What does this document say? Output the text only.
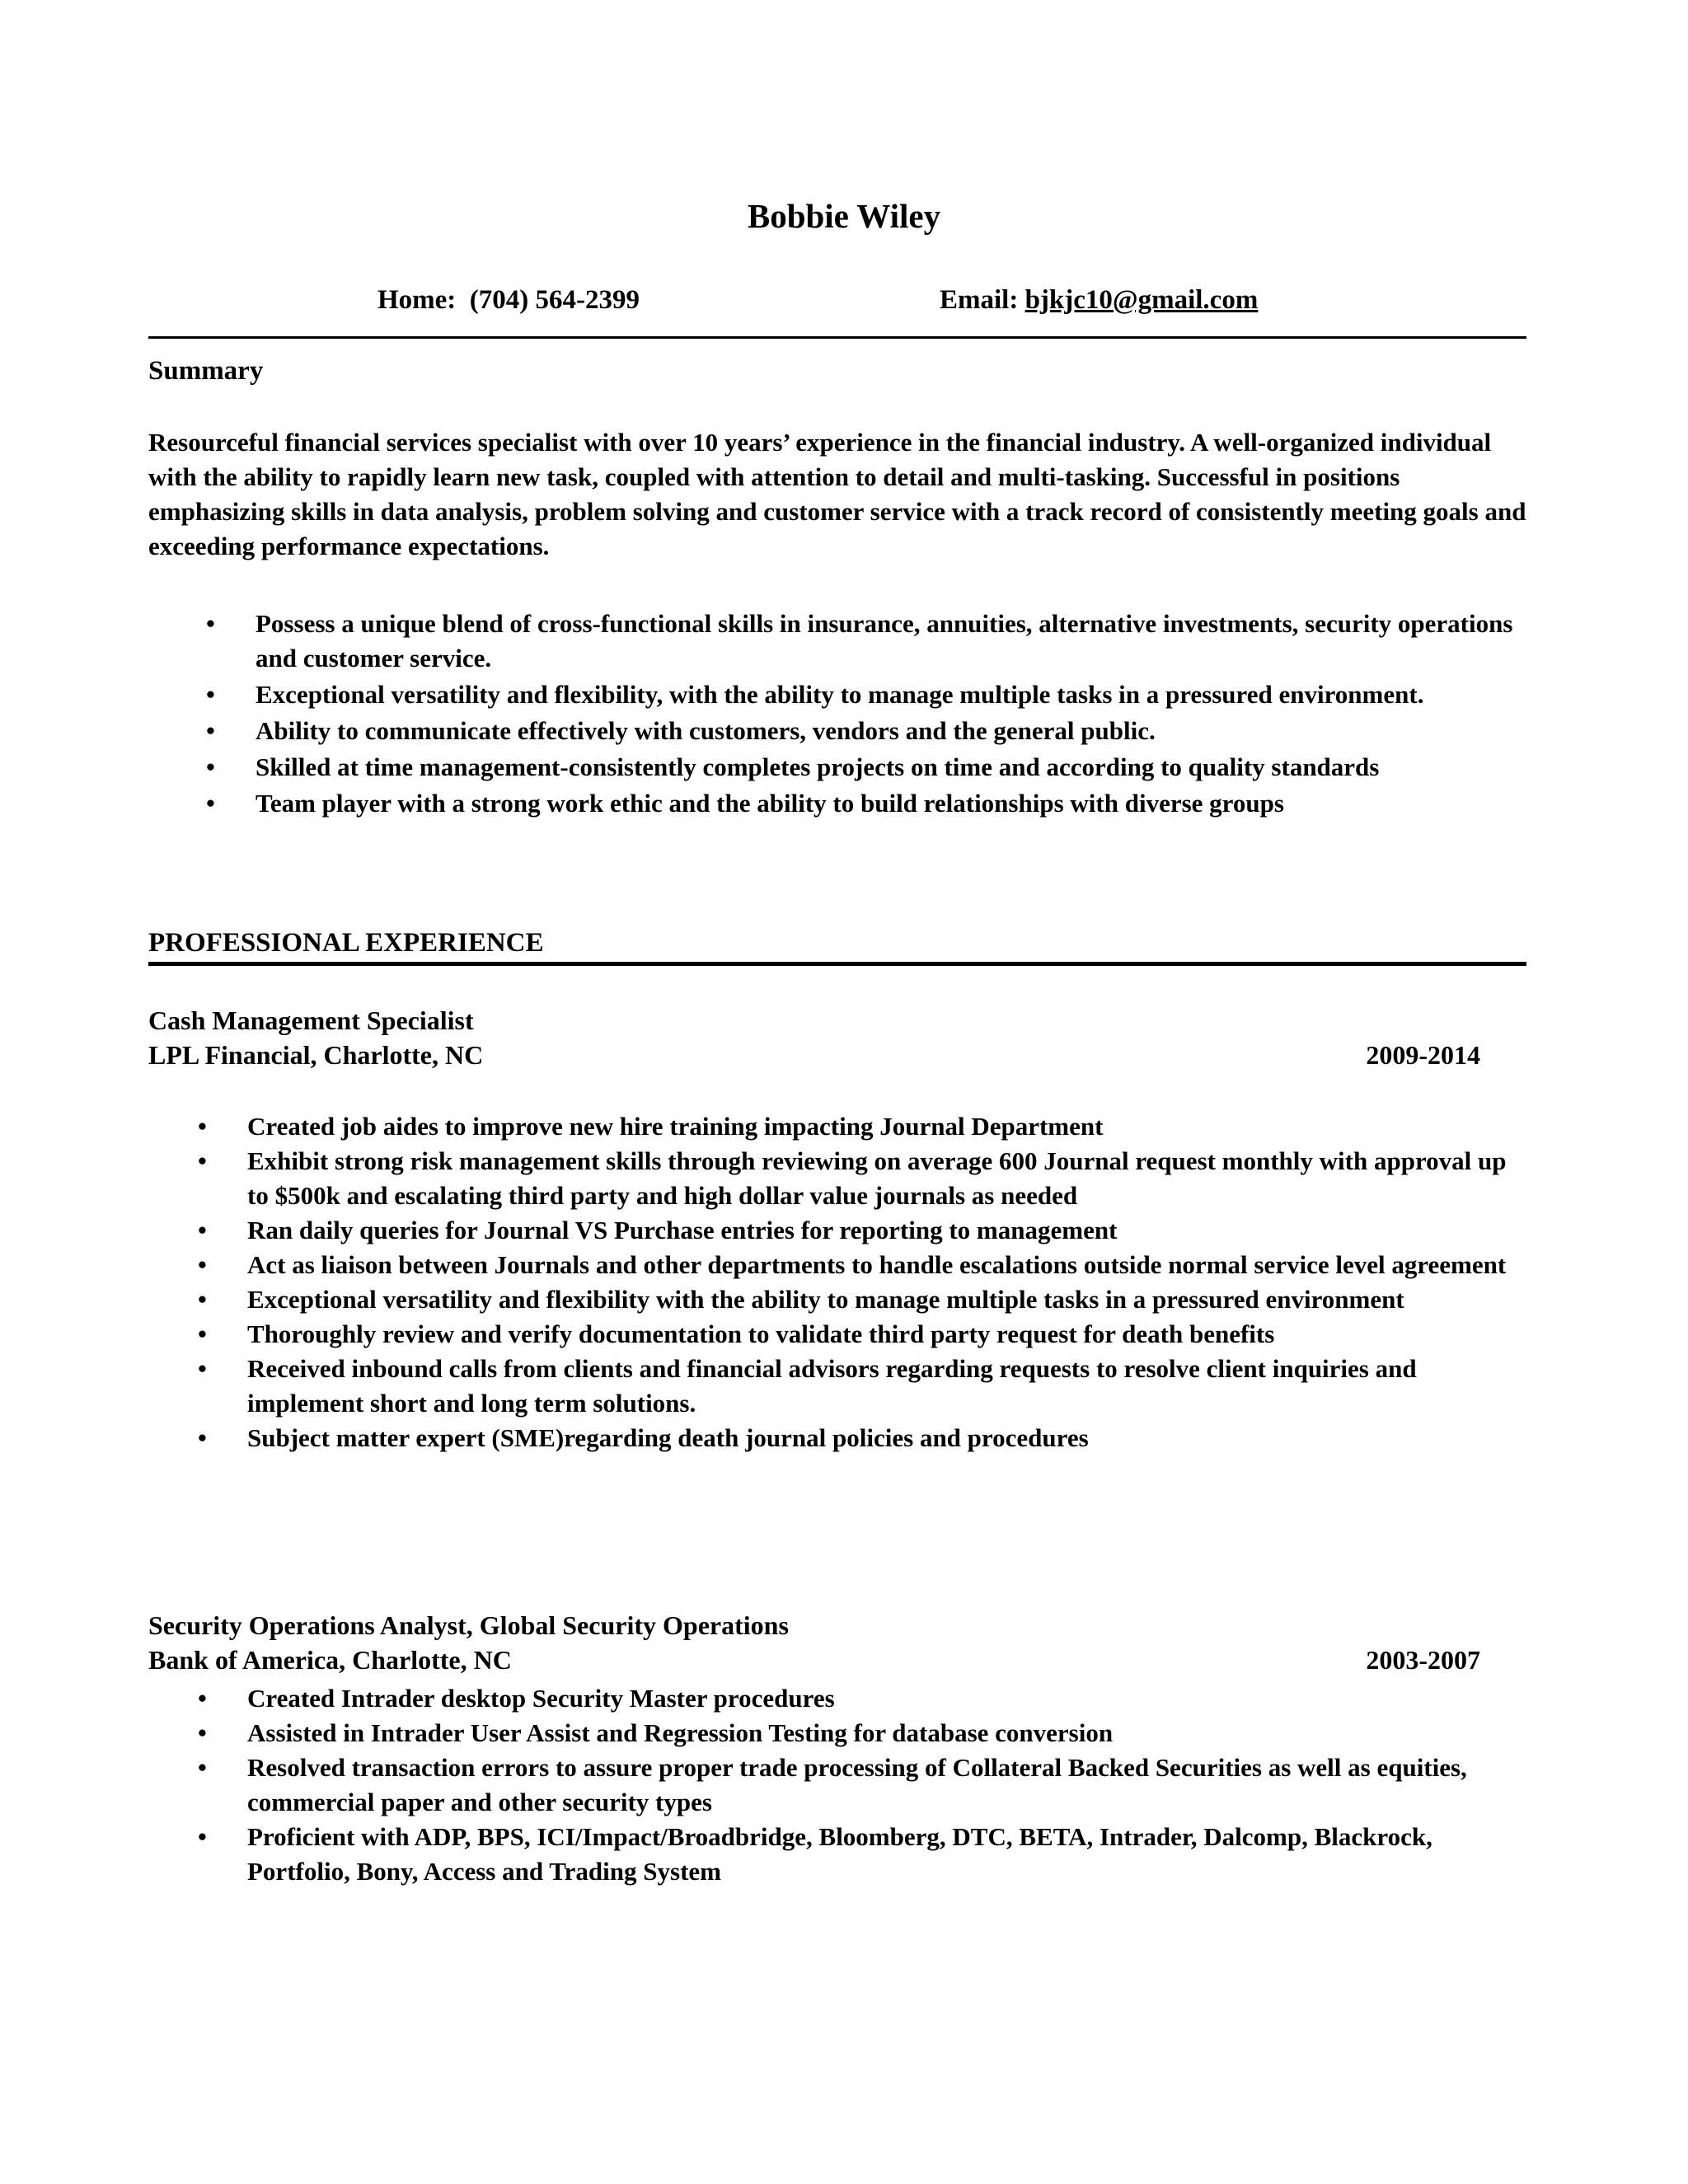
Bobbie Wiley
Home: (704) 564-2399	Email: bjkjc10@gmail.com
Summary
Resourceful financial services specialist with over 10 years’ experience in the financial industry. A well-organized individual with the ability to rapidly learn new task, coupled with attention to detail and multi-tasking. Successful in positions emphasizing skills in data analysis, problem solving and customer service with a track record of consistently meeting goals and exceeding performance expectations.
• Possess a unique blend of cross-functional skills in insurance, annuities, alternative investments, security operations and customer service.
• Exceptional versatility and flexibility, with the ability to manage multiple tasks in a pressured environment.
• Ability to communicate effectively with customers, vendors and the general public.
• Skilled at time management-consistently completes projects on time and according to quality standards
• Team player with a strong work ethic and the ability to build relationships with diverse groups
PROFESSIONAL EXPERIENCE
Cash Management Specialist
LPL Financial, Charlotte, NC	2009-2014
• Created job aides to improve new hire training impacting Journal Department
• Exhibit strong risk management skills through reviewing on average 600 Journal request monthly with approval up to $500k and escalating third party and high dollar value journals as needed
• Ran daily queries for Journal VS Purchase entries for reporting to management
• Act as liaison between Journals and other departments to handle escalations outside normal service level agreement
• Exceptional versatility and flexibility with the ability to manage multiple tasks in a pressured environment
• Thoroughly review and verify documentation to validate third party request for death benefits
• Received inbound calls from clients and financial advisors regarding requests to resolve client inquiries and implement short and long term solutions.
• Subject matter expert (SME)regarding death journal policies and procedures
Security Operations Analyst, Global Security Operations
Bank of America, Charlotte, NC	2003-2007
• Created Intrader desktop Security Master procedures
• Assisted in Intrader User Assist and Regression Testing for database conversion
• Resolved transaction errors to assure proper trade processing of Collateral Backed Securities as well as equities, commercial paper and other security types
• Proficient with ADP, BPS, ICI/Impact/Broadbridge, Bloomberg, DTC, BETA, Intrader, Dalcomp, Blackrock, Portfolio, Bony, Access and Trading System
